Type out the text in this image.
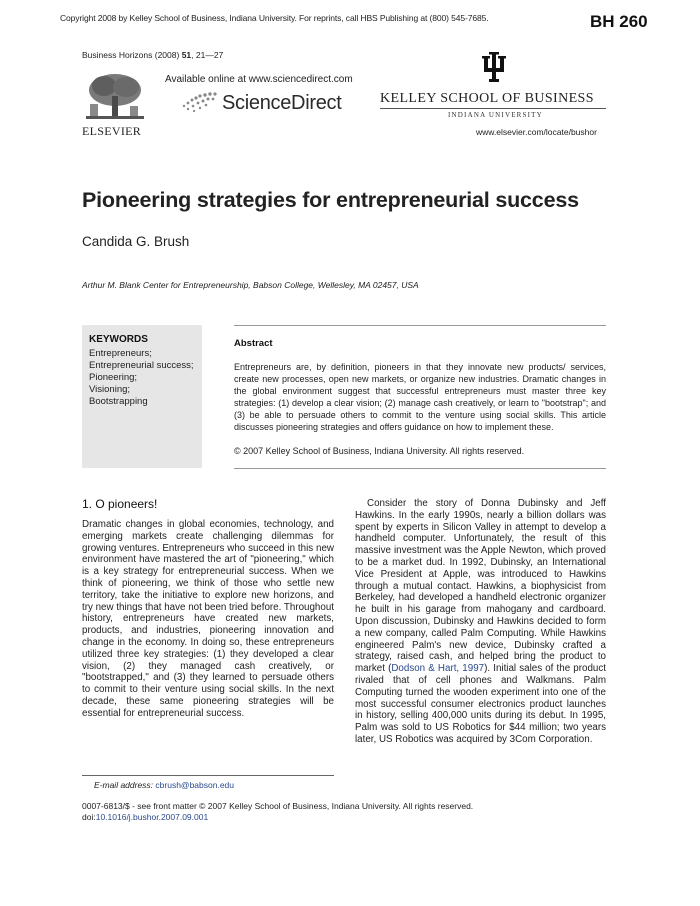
Copyright 2008 by Kelley School of Business, Indiana University. For reprints, call HBS Publishing at (800) 545-7685.	BH 260
Business Horizons (2008) 51, 21—27
ELSEVIER
Available online at www.sciencedirect.com
ScienceDirect	KELLEY SCHOOL OF BUSINESS
INDIANA UNIVERSITY
www.elsevier.com/locate/bushor
Pioneering strategies for entrepreneurial success
Candida G. Brush
Arthur M. Blank Center for Entrepreneurship, Babson College, Wellesley, MA 02457, USA
KEYWORDS
Entrepreneurs;
Entrepreneurial success;
Pioneering;
Visioning;
Bootstrapping
Abstract
Entrepreneurs are, by definition, pioneers in that they innovate new products/ services, create new processes, open new markets, or organize new industries. Dramatic changes in the global environment suggest that successful entrepreneurs must master three key strategies: (1) develop a clear vision; (2) manage cash creatively, or learn to "bootstrap"; and (3) be able to persuade others to commit to the venture using social skills. This article discusses pioneering strategies and offers guidance on how to implement these.
© 2007 Kelley School of Business, Indiana University. All rights reserved.
1. O pioneers!
Dramatic changes in global economies, technology, and emerging markets create challenging dilemmas for growing ventures. Entrepreneurs who succeed in this new environment have mastered the art of "pioneering," which is a key strategy for entrepreneurial success. When we think of pioneering, we think of those who settle new territory, take the initiative to explore new horizons, and try new things that have not been tried before. Throughout history, entrepreneurs have created new markets, products, and industries, pioneering innovation and change in the economy. In doing so, these entrepreneurs utilized three key strategies: (1) they developed a clear vision, (2) they managed cash creatively, or "bootstrapped," and (3) they learned to persuade others to commit to their venture using social skills. In the next decade, these same pioneering strategies will be essential for entrepreneurial success.
Consider the story of Donna Dubinsky and Jeff Hawkins. In the early 1990s, nearly a billion dollars was spent by experts in Silicon Valley in attempt to develop a handheld computer. Unfortunately, the result of this massive investment was the Apple Newton, which proved to be a market dud. In 1992, Dubinsky, an International Vice President at Apple, was introduced to Hawkins through a mutual contact. Hawkins, a biophysicist from Berkeley, had developed a handheld electronic organizer he built in his garage from mahogany and cardboard. Upon discussion, Dubinsky and Hawkins decided to form a new company, called Palm Computing. While Hawkins engineered Palm's new device, Dubinsky crafted a strategy, raised cash, and helped bring the product to market (Dodson & Hart, 1997). Initial sales of the product rivaled that of cell phones and Walkmans. Palm Computing turned the wooden experiment into one of the most successful consumer electronics product launches in history, selling 400,000 units during its debut. In 1995, Palm was sold to US Robotics for $44 million; two years later, US Robotics was acquired by 3Com Corporation.
E-mail address: cbrush@babson.edu
0007-6813/$ - see front matter © 2007 Kelley School of Business, Indiana University. All rights reserved.
doi:10.1016/j.bushor.2007.09.001
